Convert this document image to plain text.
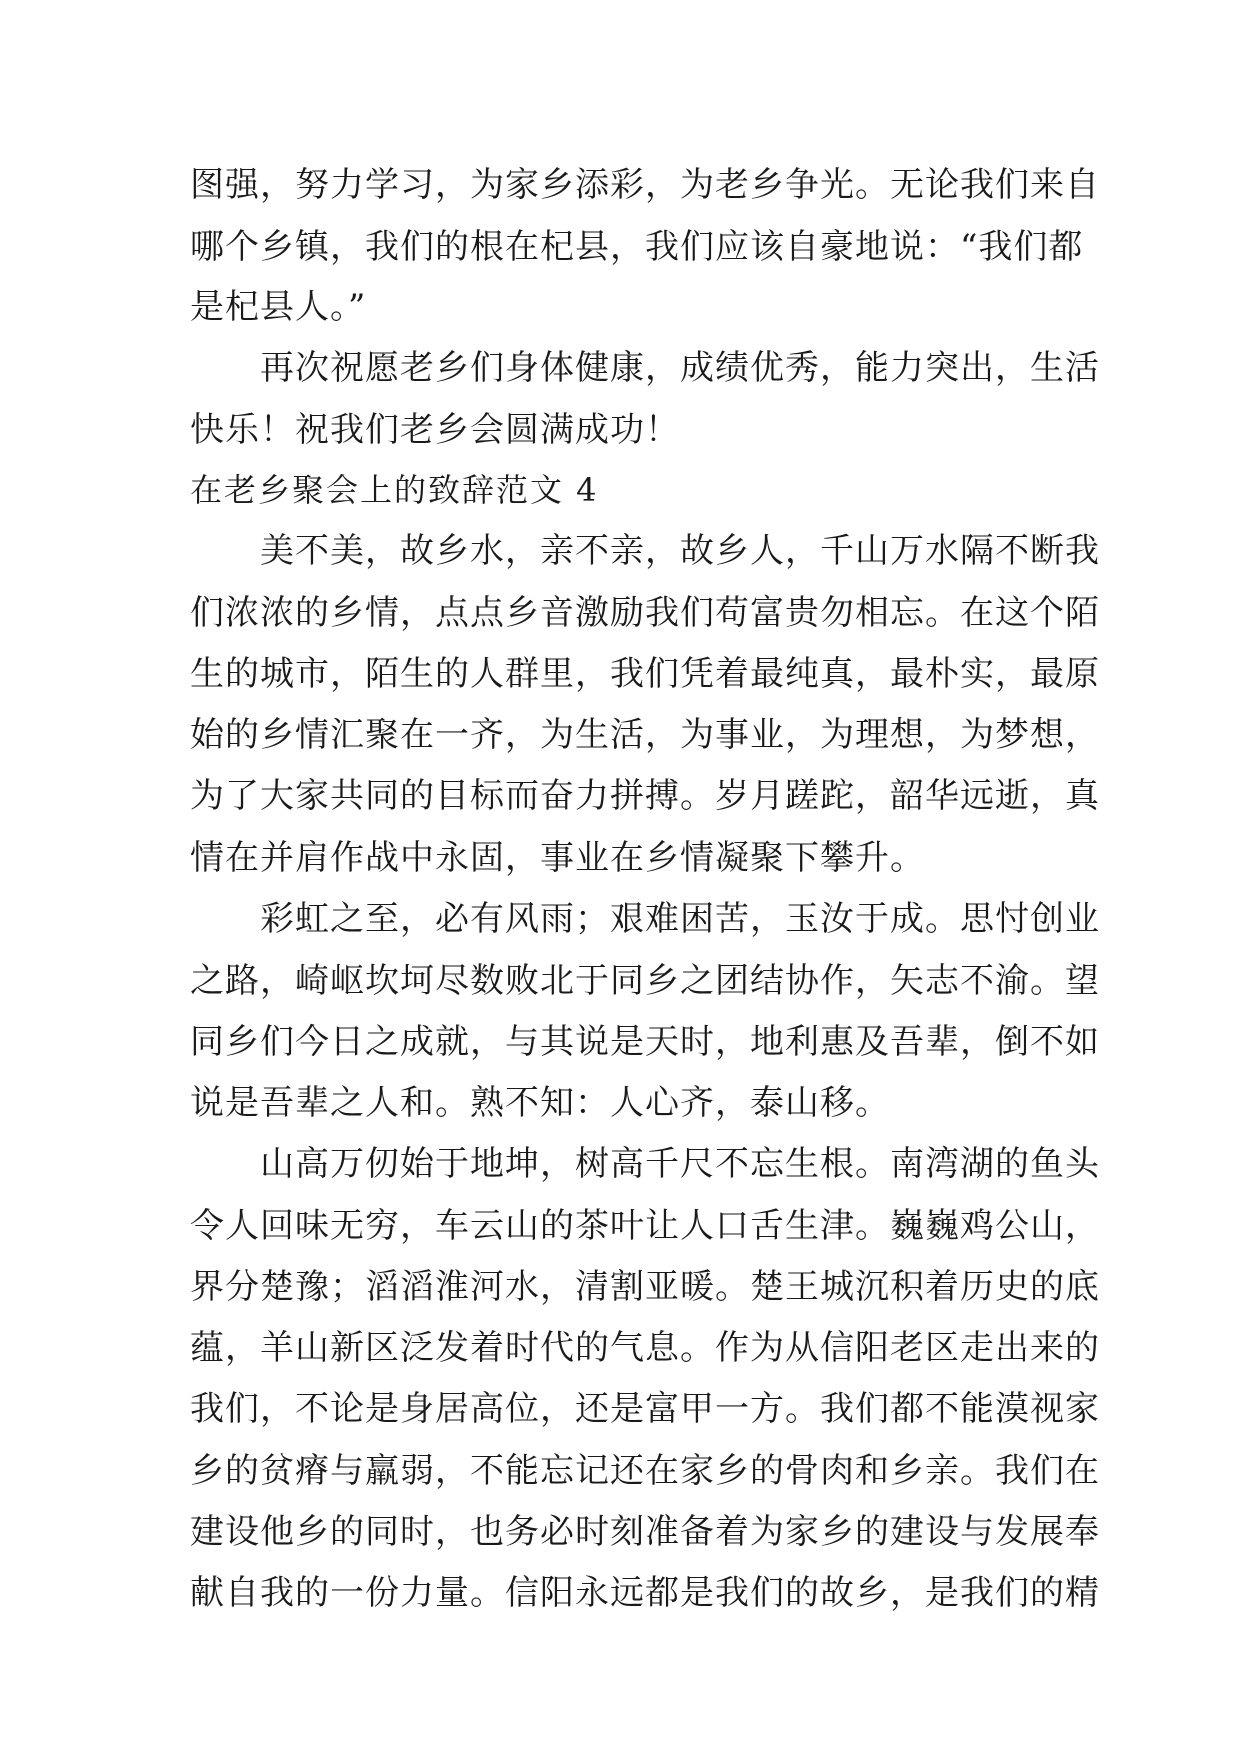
图强，努力学习，为家乡添彩，为老乡争光。无论我们来自
哪个乡镇，我们的根在杞县，我们应该自豪地说：“我们都
是杞县人。”
　　再次祝愿老乡们身体健康，成绩优秀，能力突出，生活
快乐！祝我们老乡会圆满成功！
在老乡聚会上的致辞范文 4
　　美不美，故乡水，亲不亲，故乡人，千山万水隔不断我
们浓浓的乡情，点点乡音激励我们苟富贵勿相忘。在这个陌
生的城市，陌生的人群里，我们凭着最纯真，最朴实，最原
始的乡情汇聚在一齐，为生活，为事业，为理想，为梦想，
为了大家共同的目标而奋力拼搏。岁月蹉跎，韶华远逝，真
情在并肩作战中永固，事业在乡情凝聚下攀升。
　　彩虹之至，必有风雨；艰难困苦，玉汝于成。思忖创业
之路，崎岖坎坷尽数败北于同乡之团结协作，矢志不渝。望
同乡们今日之成就，与其说是天时，地利惠及吾辈，倒不如
说是吾辈之人和。熟不知：人心齐，泰山移。
　　山高万仞始于地坤，树高千尺不忘生根。南湾湖的鱼头
令人回味无穷，车云山的茶叶让人口舌生津。巍巍鸡公山，
界分楚豫；滔滔淮河水，清割亚暖。楚王城沉积着历史的底
蕴，羊山新区泛发着时代的气息。作为从信阳老区走出来的
我们，不论是身居高位，还是富甲一方。我们都不能漠视家
乡的贫瘠与羸弱，不能忘记还在家乡的骨肉和乡亲。我们在
建设他乡的同时，也务必时刻准备着为家乡的建设与发展奉
献自我的一份力量。信阳永远都是我们的故乡，是我们的精
